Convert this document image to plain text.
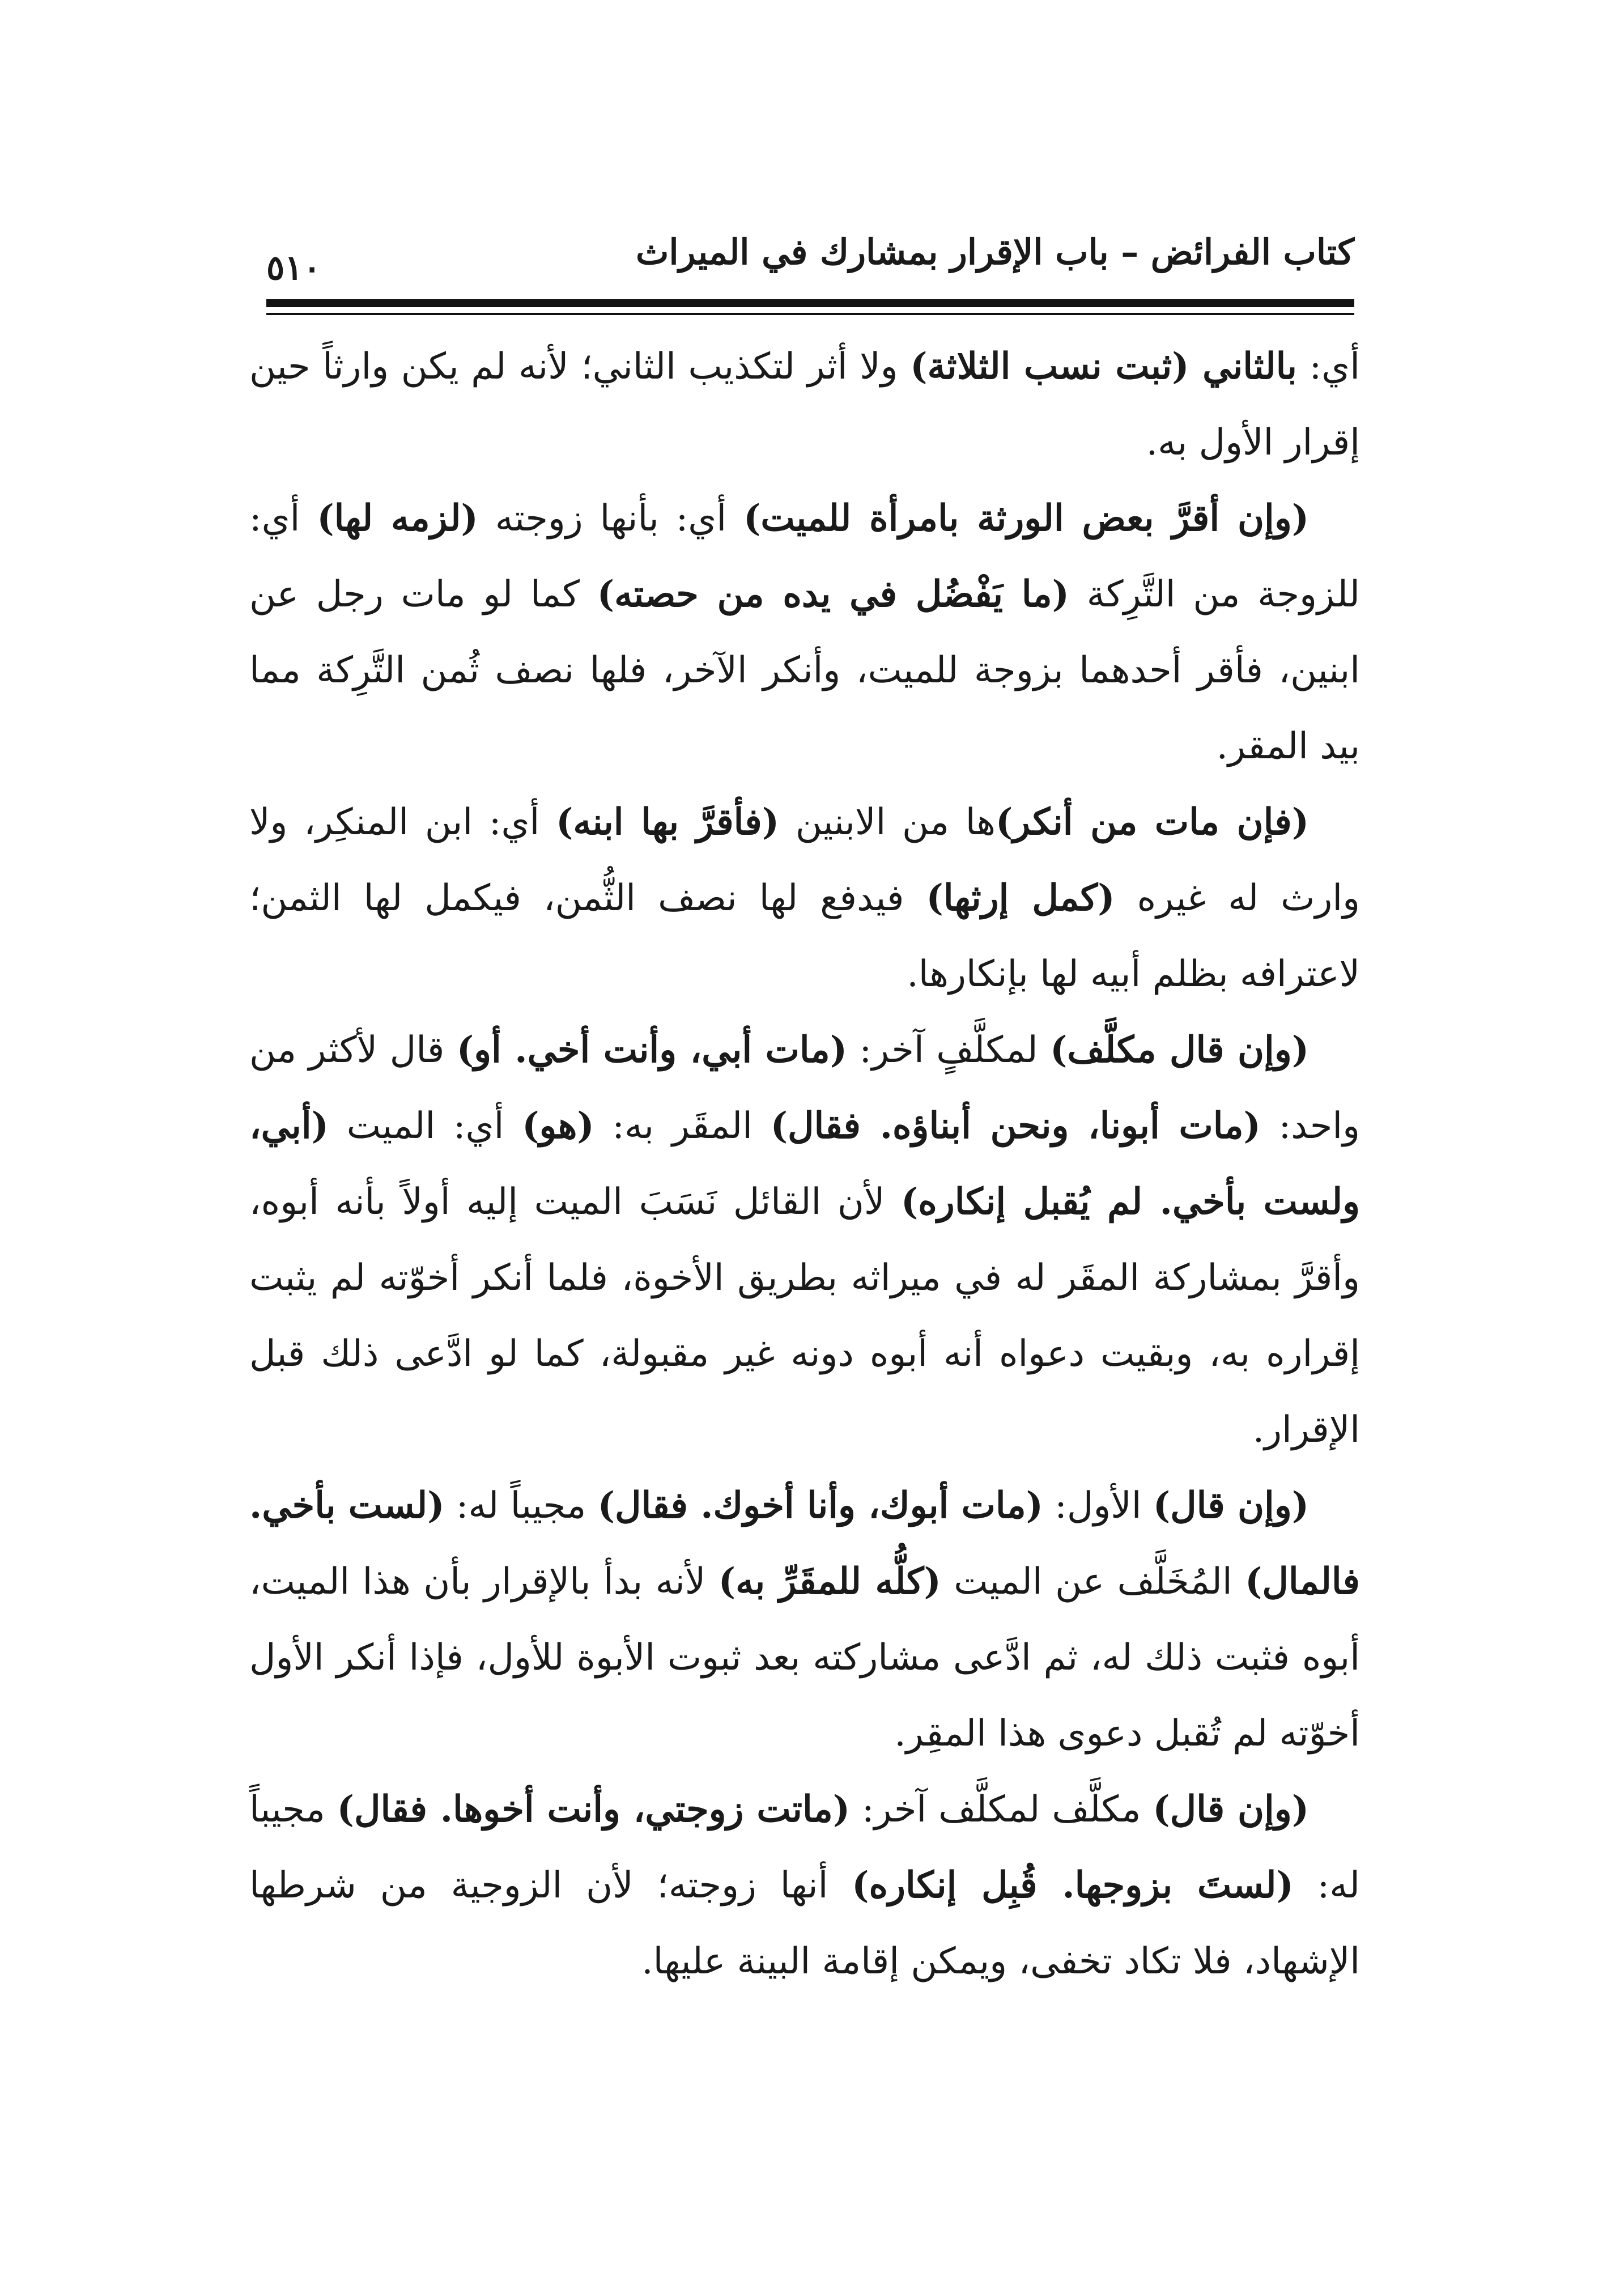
كتاب الفرائض – باب الإقرار بمشارك في الميراث
٥١٠

أي: بالثاني (ثبت نسب الثلاثة) ولا أثر لتكذيب الثاني؛ لأنه لم يكن وارثاً حين إقرار الأول به.

(وإن أقرَّ بعض الورثة بامرأة للميت) أي: بأنها زوجته (لزمه لها) أي: للزوجة من التَّرِكة (ما يَفْضُل في يده من حصته) كما لو مات رجل عن ابنين، فأقر أحدهما بزوجة للميت، وأنكر الآخر، فلها نصف ثُمن التَّرِكة مما بيد المقر.

(فإن مات من أنكر)ها من الابنين (فأقرَّ بها ابنه) أي: ابن المنكِر، ولا وارث له غيره (كمل إرثها) فيدفع لها نصف الثُّمن، فيكمل لها الثمن؛ لاعترافه بظلم أبيه لها بإنكارها.

(وإن قال مكلَّف) لمكلَّفٍ آخر: (مات أبي، وأنت أخي. أو) قال لأكثر من واحد: (مات أبونا، ونحن أبناؤه. فقال) المقَر به: (هو) أي: الميت (أبي، ولست بأخي. لم يُقبل إنكاره) لأن القائل نَسَبَ الميت إليه أولاً بأنه أبوه، وأقرَّ بمشاركة المقَر له في ميراثه بطريق الأخوة، فلما أنكر أخوّته لم يثبت إقراره به، وبقيت دعواه أنه أبوه دونه غير مقبولة، كما لو ادَّعى ذلك قبل الإقرار.

(وإن قال) الأول: (مات أبوك، وأنا أخوك. فقال) مجيباً له: (لست بأخي. فالمال) المُخَلَّف عن الميت (كلُّه للمقَرِّ به) لأنه بدأ بالإقرار بأن هذا الميت، أبوه فثبت ذلك له، ثم ادَّعى مشاركته بعد ثبوت الأبوة للأول، فإذا أنكر الأول أخوّته لم تُقبل دعوى هذا المقِر.

(وإن قال) مكلَّف لمكلَّف آخر: (ماتت زوجتي، وأنت أخوها. فقال) مجيباً له: (لستَ بزوجها. قُبِل إنكاره) أنها زوجته؛ لأن الزوجية من شرطها الإشهاد، فلا تكاد تخفى، ويمكن إقامة البينة عليها.
